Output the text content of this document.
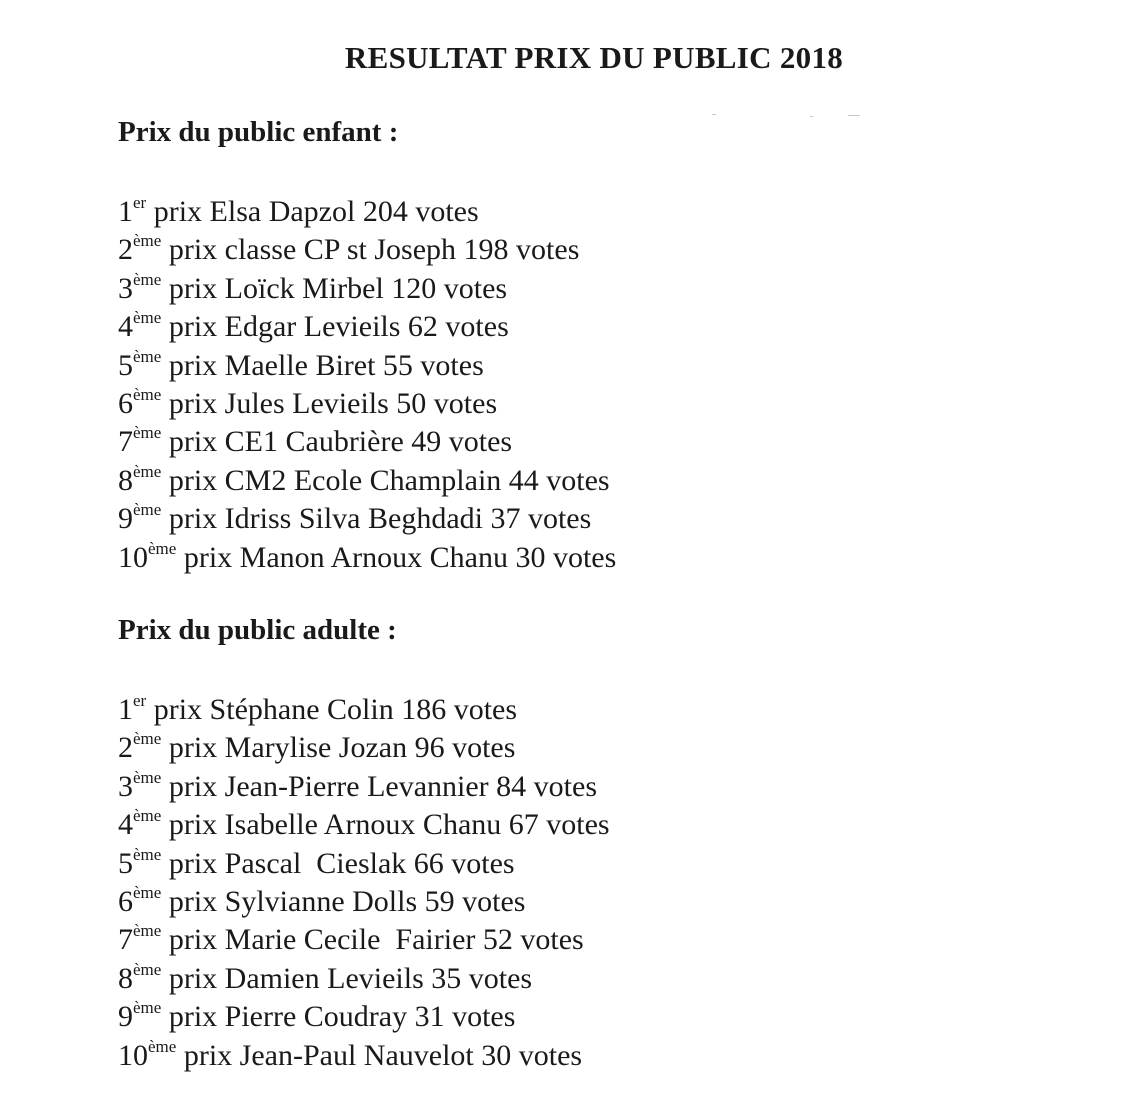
RESULTAT PRIX DU PUBLIC 2018
Prix du public enfant :
1er prix Elsa Dapzol 204 votes
2ème prix classe CP st Joseph 198 votes
3ème prix Loïck Mirbel 120 votes
4ème prix Edgar Levieils 62 votes
5ème prix Maelle Biret 55 votes
6ème prix Jules Levieils 50 votes
7ème prix CE1 Caubrière 49 votes
8ème prix CM2 Ecole Champlain 44 votes
9ème prix Idriss Silva Beghdadi 37 votes
10ème prix Manon Arnoux Chanu 30 votes
Prix du public adulte :
1er prix Stéphane Colin 186 votes
2ème prix Marylise Jozan 96 votes
3ème prix Jean-Pierre Levannier 84 votes
4ème prix Isabelle Arnoux Chanu 67 votes
5ème prix Pascal  Cieslak 66 votes
6ème prix Sylvianne Dolls 59 votes
7ème prix Marie Cecile  Fairier 52 votes
8ème prix Damien Levieils 35 votes
9ème prix Pierre Coudray 31 votes
10ème prix Jean-Paul Nauvelot 30 votes
